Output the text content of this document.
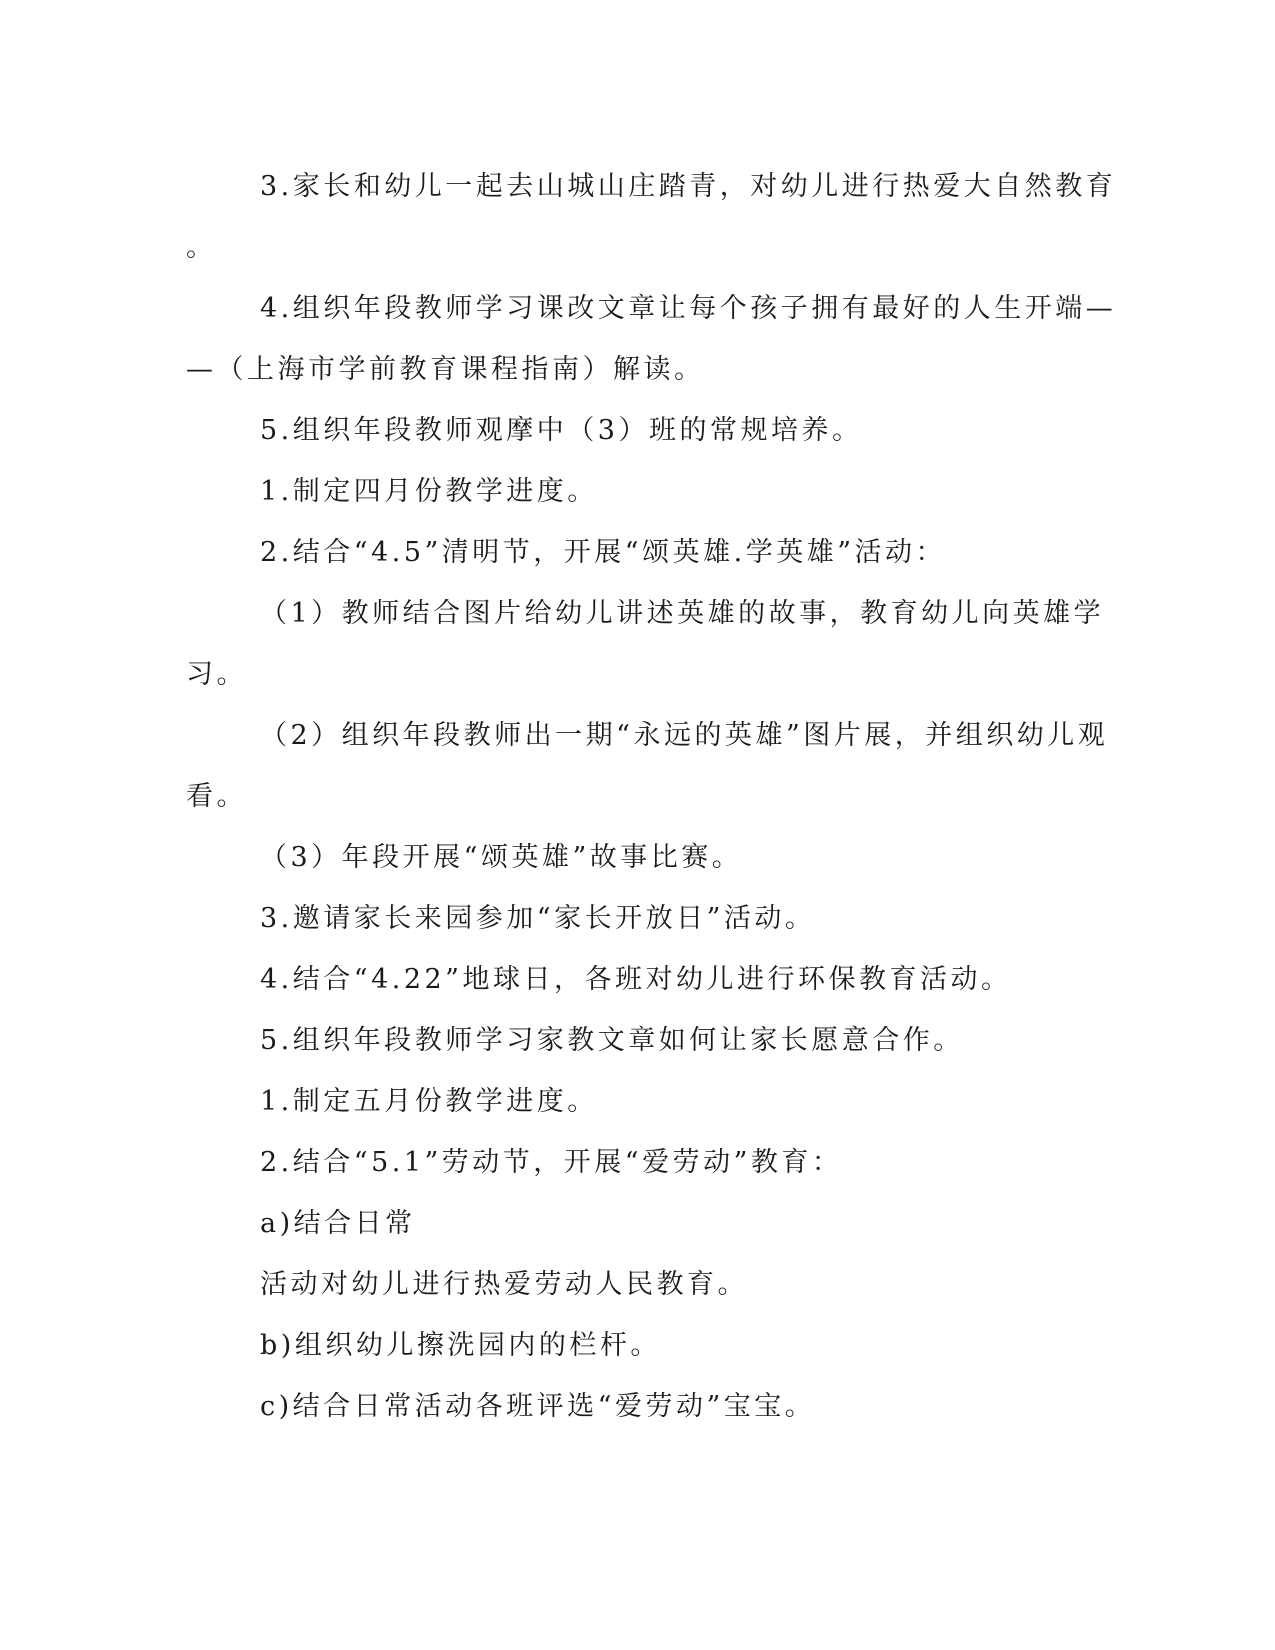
3.家长和幼儿一起去山城山庄踏青，对幼儿进行热爱大自然教育
。
4.组织年段教师学习课改文章让每个孩子拥有最好的人生开端—
—（上海市学前教育课程指南）解读。
5.组织年段教师观摩中（3）班的常规培养。
1.制定四月份教学进度。
2.结合“4.5”清明节，开展“颂英雄.学英雄”活动：
（1）教师结合图片给幼儿讲述英雄的故事，教育幼儿向英雄学
习。
（2）组织年段教师出一期“永远的英雄”图片展，并组织幼儿观
看。
（3）年段开展“颂英雄”故事比赛。
3.邀请家长来园参加“家长开放日”活动。
4.结合“4.22”地球日，各班对幼儿进行环保教育活动。
5.组织年段教师学习家教文章如何让家长愿意合作。
1.制定五月份教学进度。
2.结合“5.1”劳动节，开展“爱劳动”教育：
a)结合日常
活动对幼儿进行热爱劳动人民教育。
b)组织幼儿擦洗园内的栏杆。
c)结合日常活动各班评选“爱劳动”宝宝。
